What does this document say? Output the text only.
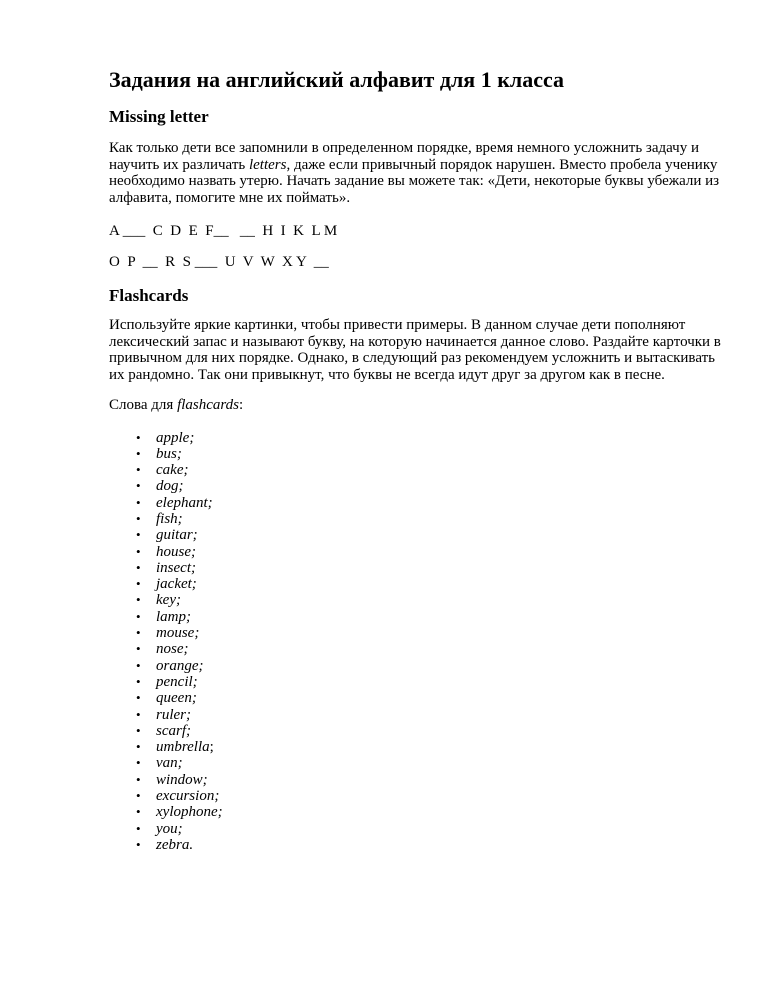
Задания на английский алфавит для 1 класса
Missing letter

Как только дети все запомнили в определенном порядке, время немного усложнить задачу и научить их различать letters, даже если привычный порядок нарушен. Вместо пробела ученику необходимо назвать утерю. Начать задание вы можете так: «Дети, некоторые буквы убежали из алфавита, помогите мне их поймать».

A ___  C  D  E  F__   __  H  I  K  L M

O  P  __  R  S ___  U  V  W  X Y  __

Flashcards

Используйте яркие картинки, чтобы привести примеры. В данном случае дети пополняют лексический запас и называют букву, на которую начинается данное слово. Раздайте карточки в привычном для них порядке. Однако, в следующий раз рекомендуем усложнить и вытаскивать их рандомно. Так они привыкнут, что буквы не всегда идут друг за другом как в песне.

Слова для flashcards:

• apple;
• bus;
• cake;
• dog;
• elephant;
• fish;
• guitar;
• house;
• insect;
• jacket;
• key;
• lamp;
• mouse;
• nose;
• orange;
• pencil;
• queen;
• ruler;
• scarf;
• umbrella;
• van;
• window;
• excursion;
• xylophone;
• you;
• zebra.
